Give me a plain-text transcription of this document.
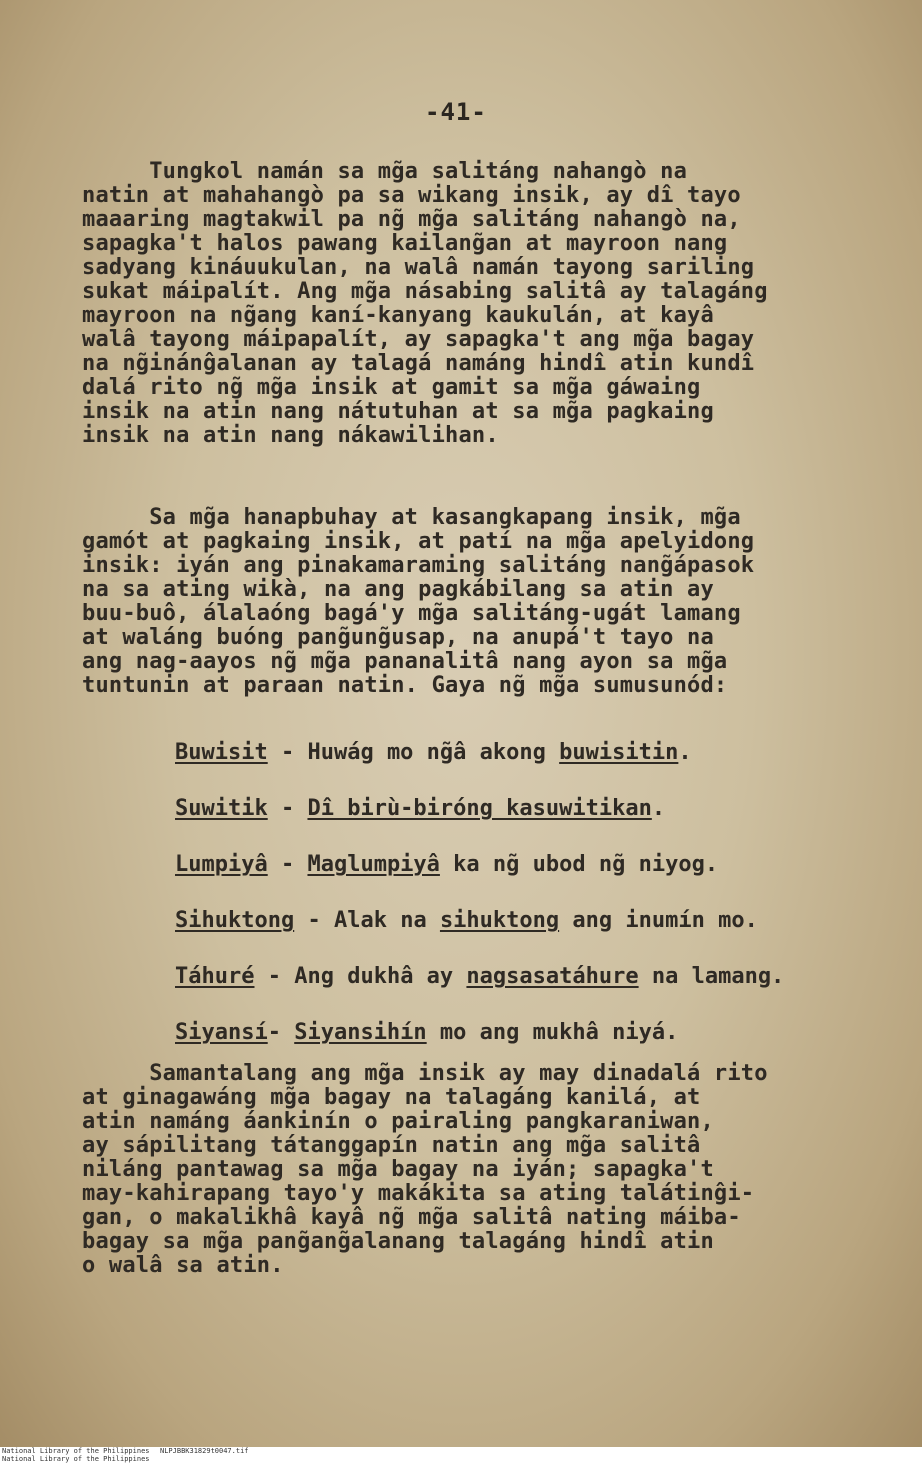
-41-
Tungkol namán sa mg̃a salitáng nahangò na
natin at mahahangò pa sa wikang insik, ay dî tayo
maaaring magtakwil pa ng̃ mg̃a salitáng nahangò na,
sapagka't halos pawang kailang̃an at mayroon nang
sadyang kináuukulan, na walâ namán tayong sariling
sukat máipalít. Ang mg̃a násabing salitâ ay talagáng
mayroon na ng̃ang kaní-kanyang kaukulán, at kayâ
walâ tayong máipapalít, ay sapagka't ang mg̃a bagay
na ng̃inánĝalanan ay talagá namáng hindî atin kundî
dalá rito ng̃ mg̃a insik at gamit sa mg̃a gáwaing
insik na atin nang nátutuhan at sa mg̃a pagkaing
insik na atin nang nákawilihan.
Sa mg̃a hanapbuhay at kasangkapang insik, mg̃a
gamót at pagkaing insik, at patí na mg̃a apelyidong
insik: iyán ang pinakamaraming salitáng nang̃ápasok
na sa ating wikà, na ang pagkábilang sa atin ay
buu-buô, álalaóng bagá'y mg̃a salitáng-ugát lamang
at waláng buóng pang̃ung̃usap, na anupá't tayo na
ang nag-aayos ng̃ mg̃a pananalitâ nang ayon sa mg̃a
tuntunin at paraan natin. Gaya ng̃ mg̃a sumusunód:
Buwisit - Huwág mo ng̃â akong buwisitin.
Suwitik - Dî birù-biróng kasuwitikan.
Lumpiyâ - Maglumpiyâ ka ng̃ ubod ng̃ niyog.
Sihuktong - Alak na sihuktong ang inumín mo.
Táhuré - Ang dukhâ ay nagsasatáhure na lamang.
Siyansí- Siyansihín mo ang mukhâ niyá.
Samantalang ang mg̃a insik ay may dinadalá rito
at ginagawáng mg̃a bagay na talagáng kanilá, at
atin namáng áankinín o pairaling pangkaraniwan,
ay sápilitang tátanggapín natin ang mg̃a salitâ
niláng pantawag sa mg̃a bagay na iyán; sapagka't
may-kahirapang tayo'y makákita sa ating talátinĝi-
gan, o makalikhâ kayâ ng̃ mg̃a salitâ nating máiba-
bagay sa mg̃a pang̃ang̃alanang talagáng hindî atin
o walâ sa atin.
National Library of the Philippines NLPJBBK31829t0047.tif
National Library of the Philippines
